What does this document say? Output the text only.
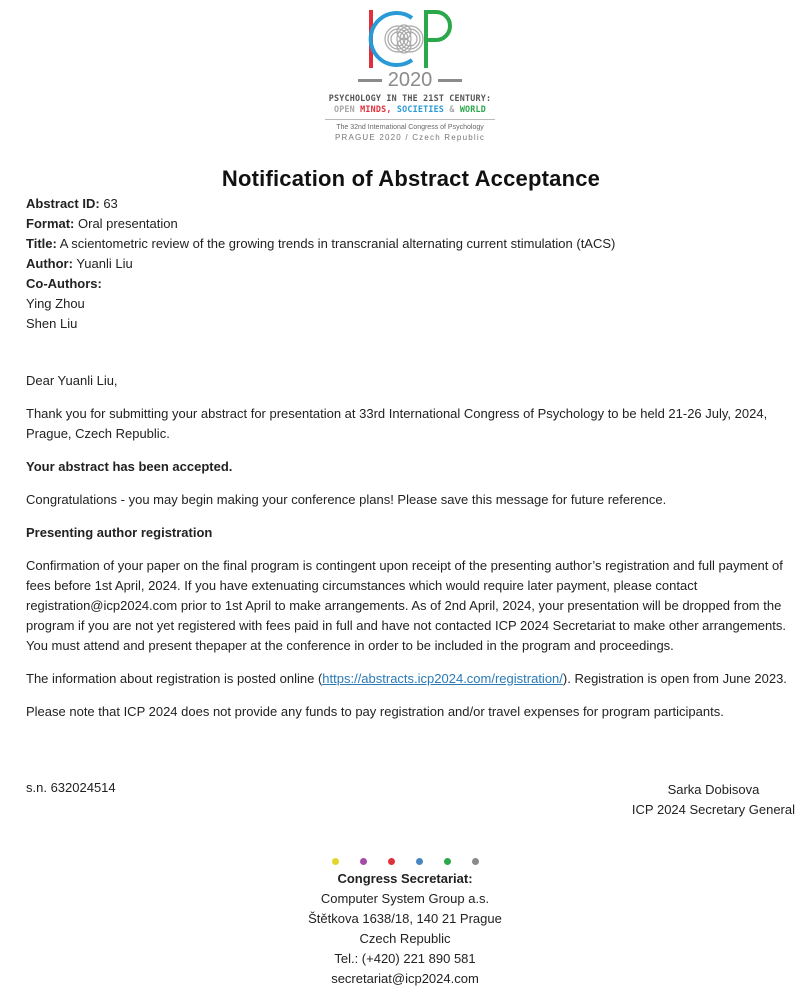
2020
PSYCHOLOGY IN THE 21ST CENTURY:
OPEN MINDS, SOCIETIES & WORLD
The 32nd International Congress of Psychology
PRAGUE 2020 / Czech Republic
Notification of Abstract Acceptance
Abstract ID: 63
Format: Oral presentation
Title: A scientometric review of the growing trends in transcranial alternating current stimulation (tACS)
Author: Yuanli Liu
Co-Authors:
Ying Zhou
Shen Liu

Dear Yuanli Liu,

Thank you for submitting your abstract for presentation at 33rd International Congress of Psychology to be held 21-26 July, 2024, Prague, Czech Republic.

Your abstract has been accepted.

Congratulations - you may begin making your conference plans! Please save this message for future reference.

Presenting author registration

Confirmation of your paper on the final program is contingent upon receipt of the presenting author’s registration and full payment of fees before 1st April, 2024. If you have extenuating circumstances which would require later payment, please contact registration@icp2024.com prior to 1st April to make arrangements. As of 2nd April, 2024, your presentation will be dropped from the program if you are not yet registered with fees paid in full and have not contacted ICP 2024 Secretariat to make other arrangements. You must attend and present thepaper at the conference in order to be included in the program and proceedings.

The information about registration is posted online (https://abstracts.icp2024.com/registration/). Registration is open from June 2023.

Please note that ICP 2024 does not provide any funds to pay registration and/or travel expenses for program participants.

s.n. 632024514	Sarka Dobisova
ICP 2024 Secretary General
Congress Secretariat:
Computer System Group a.s.
Štětkova 1638/18, 140 21 Prague
Czech Republic
Tel.: (+420) 221 890 581
secretariat@icp2024.com
